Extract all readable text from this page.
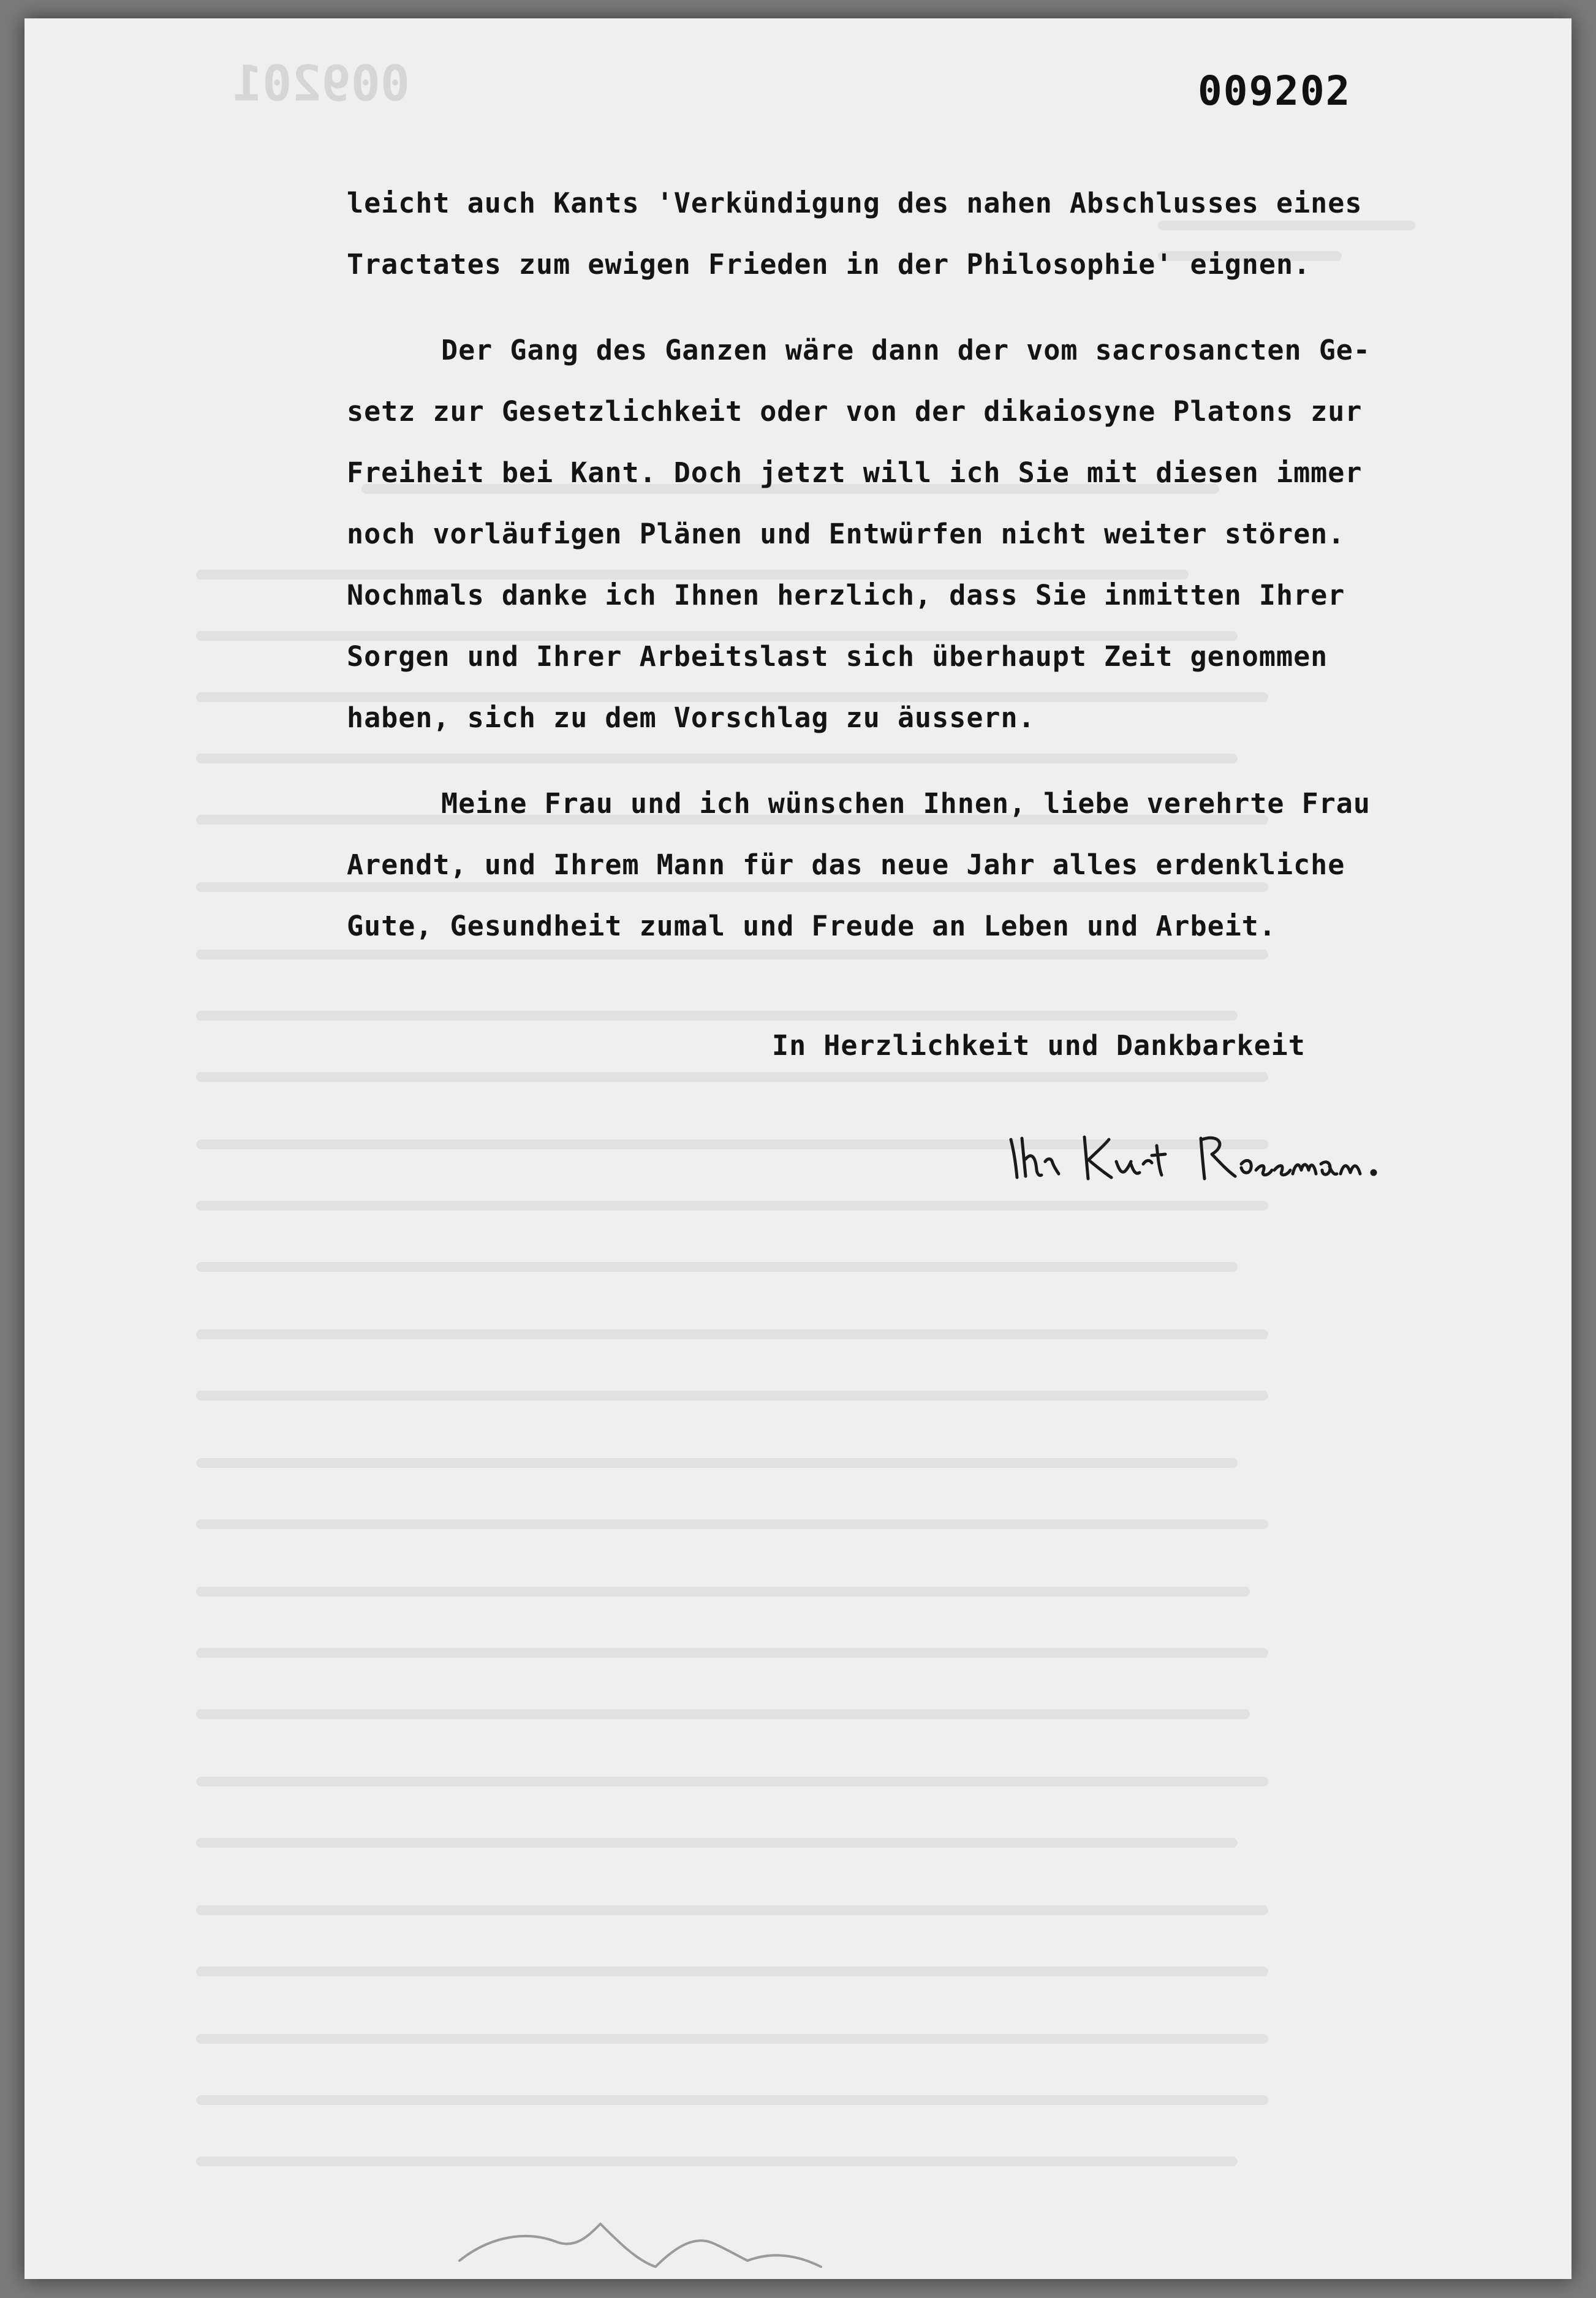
009201	009202
leicht auch Kants 'Verkündigung des nahen Abschlusses eines
Tractates zum ewigen Frieden in der Philosophie' eignen.
Der Gang des Ganzen wäre dann der vom sacrosancten Ge-
setz zur Gesetzlichkeit oder von der dikaiosyne Platons zur
Freiheit bei Kant. Doch jetzt will ich Sie mit diesen immer
noch vorläufigen Plänen und Entwürfen nicht weiter stören.
Nochmals danke ich Ihnen herzlich, dass Sie inmitten Ihrer
Sorgen und Ihrer Arbeitslast sich überhaupt Zeit genommen
haben, sich zu dem Vorschlag zu äussern.
Meine Frau und ich wünschen Ihnen, liebe verehrte Frau
Arendt, und Ihrem Mann für das neue Jahr alles erdenkliche
Gute, Gesundheit zumal und Freude an Leben und Arbeit.
In Herzlichkeit und Dankbarkeit
